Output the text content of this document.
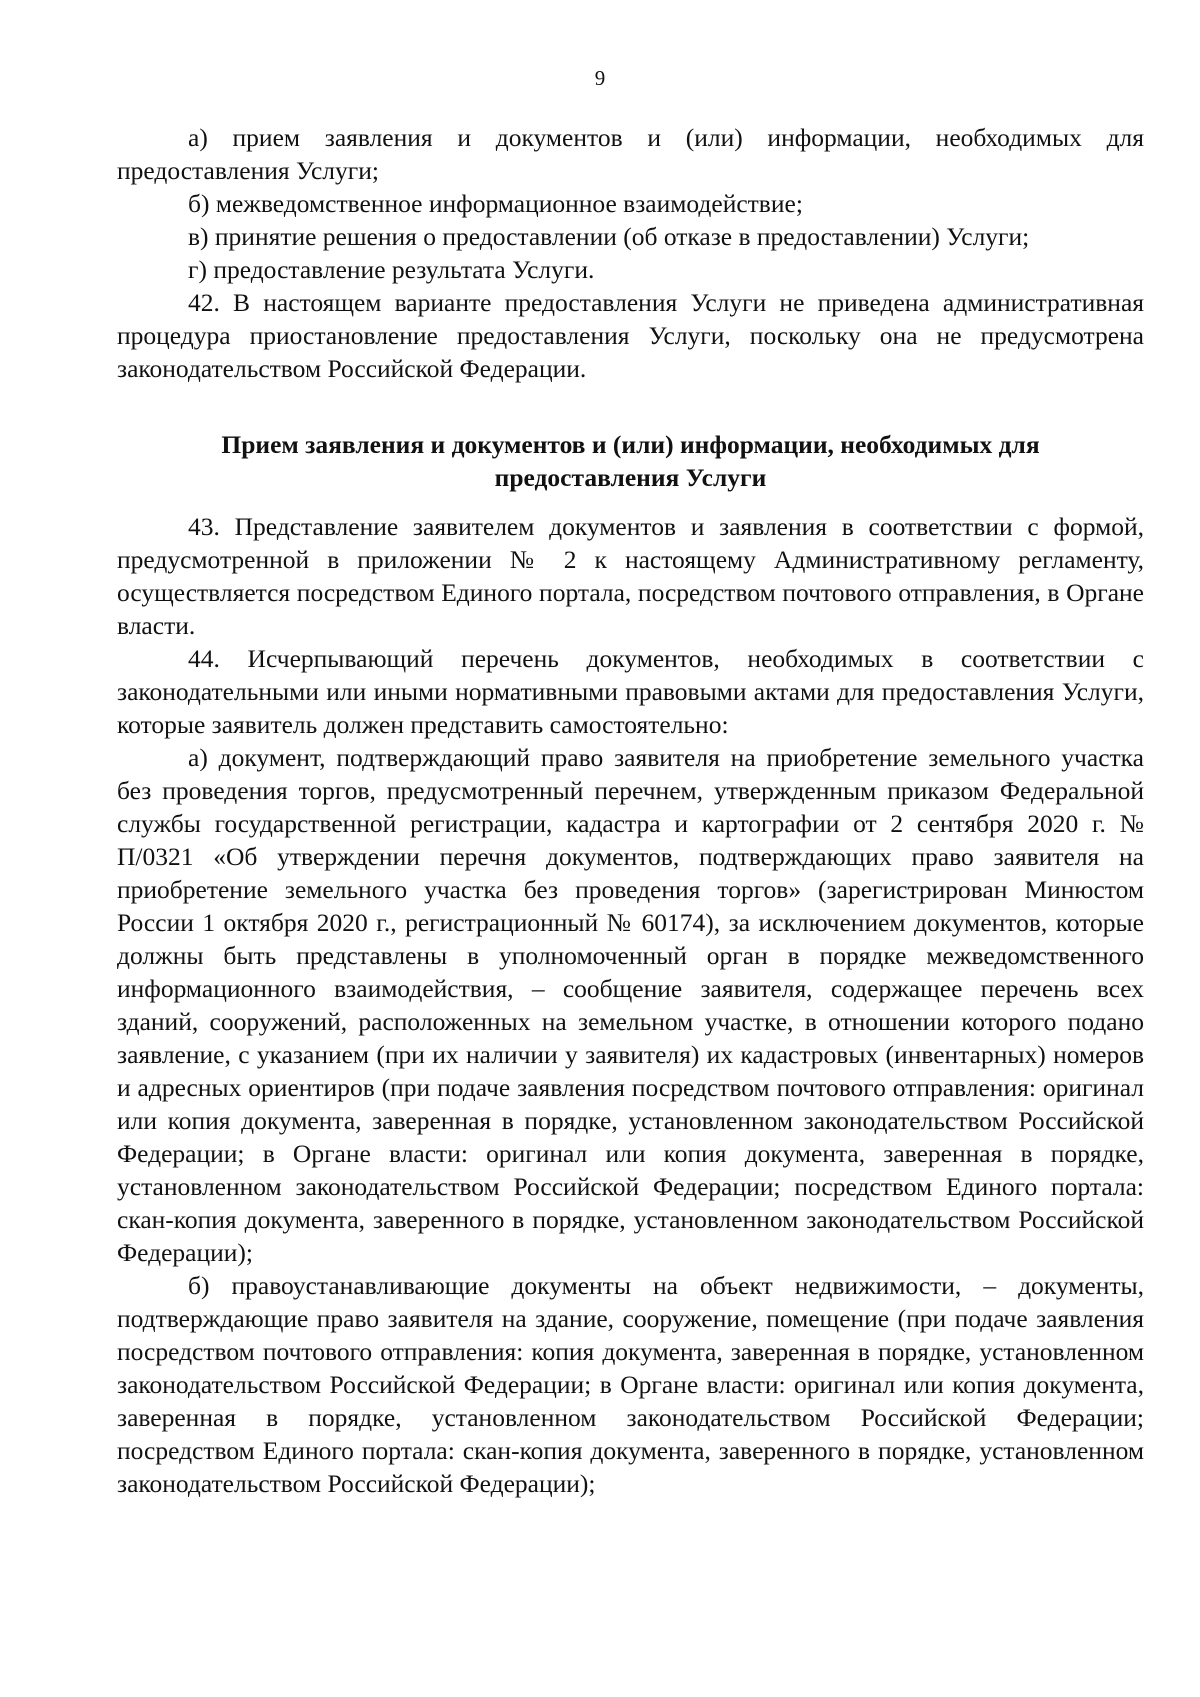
9

а) прием заявления и документов и (или) информации, необходимых для предоставления Услуги;

б) межведомственное информационное взаимодействие;

в) принятие решения о предоставлении (об отказе в предоставлении) Услуги;

г) предоставление результата Услуги.

42. В настоящем варианте предоставления Услуги не приведена административная процедура приостановление предоставления Услуги, поскольку она не предусмотрена законодательством Российской Федерации.

Прием заявления и документов и (или) информации, необходимых для
предоставления Услуги

43. Представление заявителем документов и заявления в соответствии с формой, предусмотренной в приложении № 2 к настоящему Административному регламенту, осуществляется посредством Единого портала, посредством почтового отправления, в Органе власти.

44. Исчерпывающий перечень документов, необходимых в соответствии с законодательными или иными нормативными правовыми актами для предоставления Услуги, которые заявитель должен представить самостоятельно:

а) документ, подтверждающий право заявителя на приобретение земельного участка без проведения торгов, предусмотренный перечнем, утвержденным приказом Федеральной службы государственной регистрации, кадастра и картографии от 2 сентября 2020 г. № П/0321 «Об утверждении перечня документов, подтверждающих право заявителя на приобретение земельного участка без проведения торгов» (зарегистрирован Минюстом России 1 октября 2020 г., регистрационный № 60174), за исключением документов, которые должны быть представлены в уполномоченный орган в порядке межведомственного информационного взаимодействия, – сообщение заявителя, содержащее перечень всех зданий, сооружений, расположенных на земельном участке, в отношении которого подано заявление, с указанием (при их наличии у заявителя) их кадастровых (инвентарных) номеров и адресных ориентиров (при подаче заявления посредством почтового отправления: оригинал или копия документа, заверенная в порядке, установленном законодательством Российской Федерации; в Органе власти: оригинал или копия документа, заверенная в порядке, установленном законодательством Российской Федерации; посредством Единого портала: скан-копия документа, заверенного в порядке, установленном законодательством Российской Федерации);

б) правоустанавливающие документы на объект недвижимости, – документы, подтверждающие право заявителя на здание, сооружение, помещение (при подаче заявления посредством почтового отправления: копия документа, заверенная в порядке, установленном законодательством Российской Федерации; в Органе власти: оригинал или копия документа, заверенная в порядке, установленном законодательством Российской Федерации; посредством Единого портала: скан-копия документа, заверенного в порядке, установленном законодательством Российской Федерации);
